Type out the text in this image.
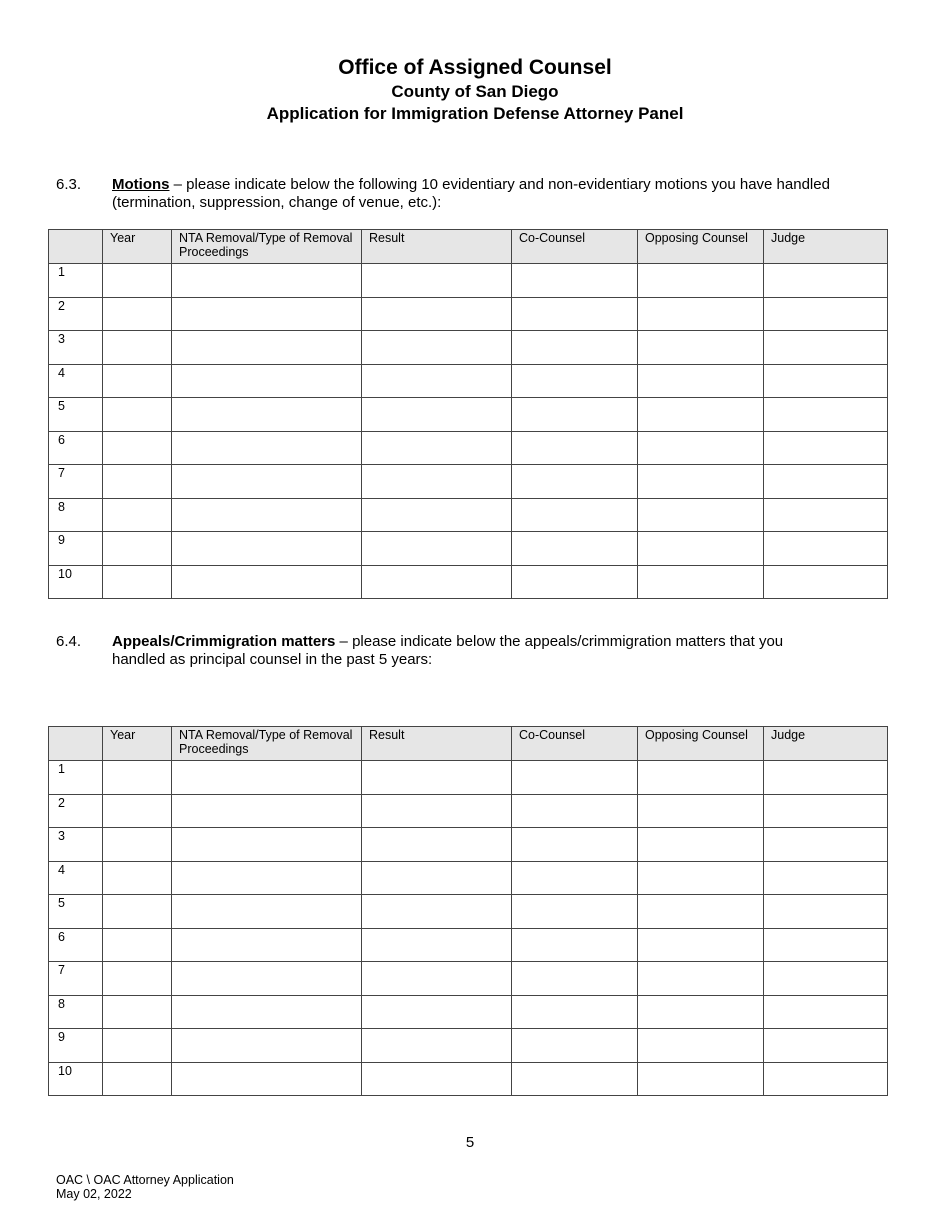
Office of Assigned Counsel
County of San Diego
Application for Immigration Defense Attorney Panel
6.3. Motions – please indicate below the following 10 evidentiary and non-evidentiary motions you have handled (termination, suppression, change of venue, etc.):
	Year	NTA Removal/Type of Removal Proceedings	Result	Co-Counsel	Opposing Counsel	Judge
1						
2						
3						
4						
5						
6						
7						
8						
9						
10						
6.4. Appeals/Crimmigration matters – please indicate below the appeals/crimmigration matters that you handled as principal counsel in the past 5 years:
	Year	NTA Removal/Type of Removal Proceedings	Result	Co-Counsel	Opposing Counsel	Judge
1						
2						
3						
4						
5						
6						
7						
8						
9						
10						
5
OAC \ OAC Attorney Application
May 02, 2022
